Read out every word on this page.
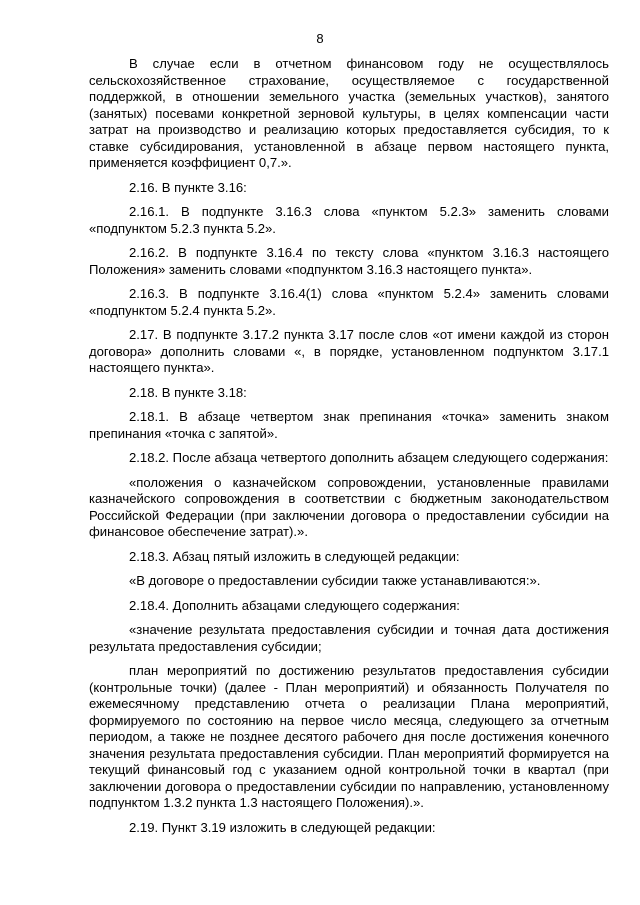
8

В случае если в отчетном финансовом году не осуществлялось сельскохозяйственное страхование, осуществляемое с государственной поддержкой, в отношении земельного участка (земельных участков), занятого (занятых) посевами конкретной зерновой культуры, в целях компенсации части затрат на производство и реализацию которых предоставляется субсидия, то к ставке субсидирования, установленной в абзаце первом настоящего пункта, применяется коэффициент 0,7.».

2.16. В пункте 3.16:

2.16.1. В подпункте 3.16.3 слова «пунктом 5.2.3» заменить словами «подпунктом 5.2.3 пункта 5.2».

2.16.2. В подпункте 3.16.4 по тексту слова «пунктом 3.16.3 настоящего Положения» заменить словами «подпунктом 3.16.3 настоящего пункта».

2.16.3. В подпункте 3.16.4(1) слова «пунктом 5.2.4» заменить словами «подпунктом 5.2.4 пункта 5.2».

2.17. В подпункте 3.17.2 пункта 3.17 после слов «от имени каждой из сторон договора» дополнить словами «, в порядке, установленном подпунктом 3.17.1 настоящего пункта».

2.18. В пункте 3.18:

2.18.1. В абзаце четвертом знак препинания «точка» заменить знаком препинания «точка с запятой».

2.18.2. После абзаца четвертого дополнить абзацем следующего содержания:

«положения о казначейском сопровождении, установленные правилами казначейского сопровождения в соответствии с бюджетным законодательством Российской Федерации (при заключении договора о предоставлении субсидии на финансовое обеспечение затрат).».

2.18.3. Абзац пятый изложить в следующей редакции:

«В договоре о предоставлении субсидии также устанавливаются:».

2.18.4. Дополнить абзацами следующего содержания:

«значение результата предоставления субсидии и точная дата достижения результата предоставления субсидии;

план мероприятий по достижению результатов предоставления субсидии (контрольные точки) (далее - План мероприятий) и обязанность Получателя по ежемесячному представлению отчета о реализации Плана мероприятий, формируемого по состоянию на первое число месяца, следующего за отчетным периодом, а также не позднее десятого рабочего дня после достижения конечного значения результата предоставления субсидии. План мероприятий формируется на текущий финансовый год с указанием одной контрольной точки в квартал (при заключении договора о предоставлении субсидии по направлению, установленному подпунктом 1.3.2 пункта 1.3 настоящего Положения).».

2.19. Пункт 3.19 изложить в следующей редакции:
